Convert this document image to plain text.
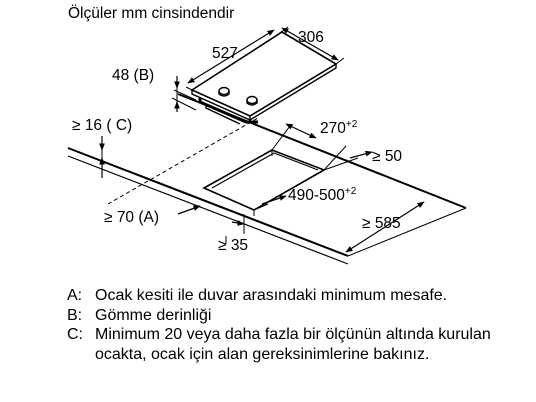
Ölçüler mm cinsindendir
306
527
48 (B)
≥ 16 ( C)	$270^{+2}$
≥ 50
$490-500^{+2}$
≥ 70 (A)	≥ 585
≥ 35
A: Ocak kesiti ile duvar arasındaki minimum mesafe.
B: Gömme derinliği
C: Minimum 20 veya daha fazla bir ölçünün altında kurulan ocakta, ocak için alan gereksinimlerine bakınız.
